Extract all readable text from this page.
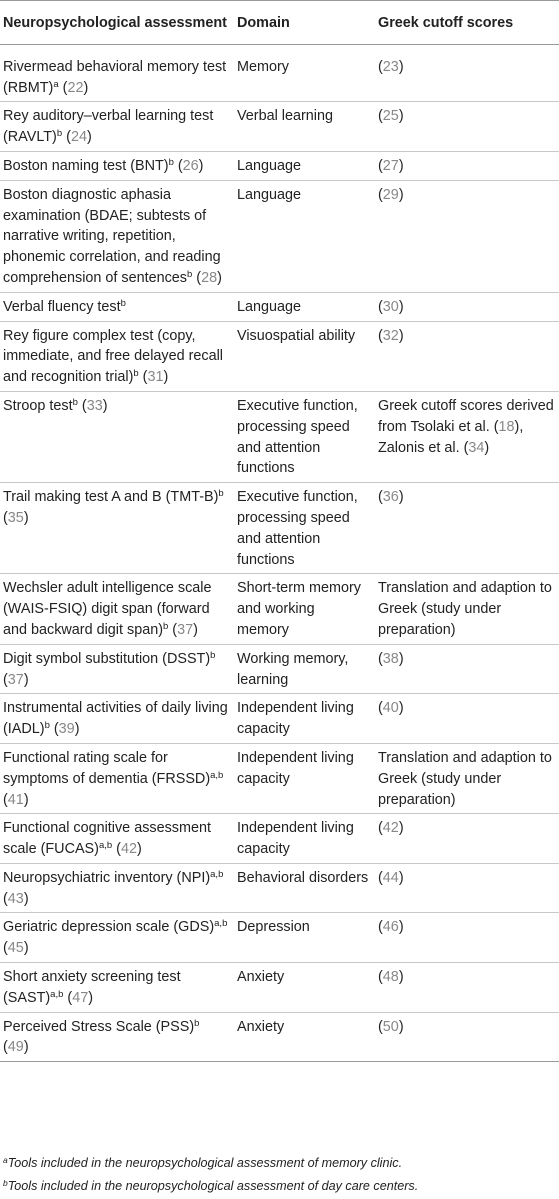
Neuropsychological assessment	Domain	Greek cutoff scores
Rivermead behavioral memory test (RBMT)$^a$ (22)	Memory	(23)
Rey auditory–verbal learning test (RAVLT)$^b$ (24)	Verbal learning	(25)
Boston naming test (BNT)$^b$ (26)	Language	(27)
Boston diagnostic aphasia examination (BDAE; subtests of narrative writing, repetition, phonemic correlation, and reading comprehension of sentences$^b$ (28)	Language	(29)
Verbal fluency test$^b$	Language	(30)
Rey figure complex test (copy, immediate, and free delayed recall and recognition trial)$^b$ (31)	Visuospatial ability	(32)
Stroop test$^b$ (33)	Executive function, processing speed and attention functions	Greek cutoff scores derived from Tsolaki et al. (18), Zalonis et al. (34)
Trail making test A and B $(TMT-B)^b$ (35)	Executive function, processing speed and attention functions	(36)
Wechsler adult intelligence scale (WAIS-FSIQ) digit span (forward and backward digit span)$^b$ (37)	Short-term memory and working memory	Translation and adaption to Greek (study under preparation)
Digit symbol substitution (DSST)$^b$ (37)	Working memory, learning	(38)
Instrumental activities of daily living (IADL)$^b$ (39)	Independent living capacity	(40)
Functional rating scale for symptoms of dementia (FRSSD)$^{a,b}$ (41)	Independent living capacity	Translation and adaption to Greek (study under preparation)
Functional cognitive assessment scale (FUCAS)$^{a,b}$ (42)	Independent living capacity	(42)
Neuropsychiatric inventory (NPI)$^{a,b}$ (43)	Behavioral disorders	(44)
Geriatric depression scale (GDS)$^{a,b}$ (45)	Depression	(46)
Short anxiety screening test (SAST)$^{a,b}$ (47)	Anxiety	(48)
Perceived Stress Scale (PSS)$^b$ (49)	Anxiety	(50)
$^a$Tools included in the neuropsychological assessment of memory clinic.
$^b$Tools included in the neuropsychological assessment of day care centers.
